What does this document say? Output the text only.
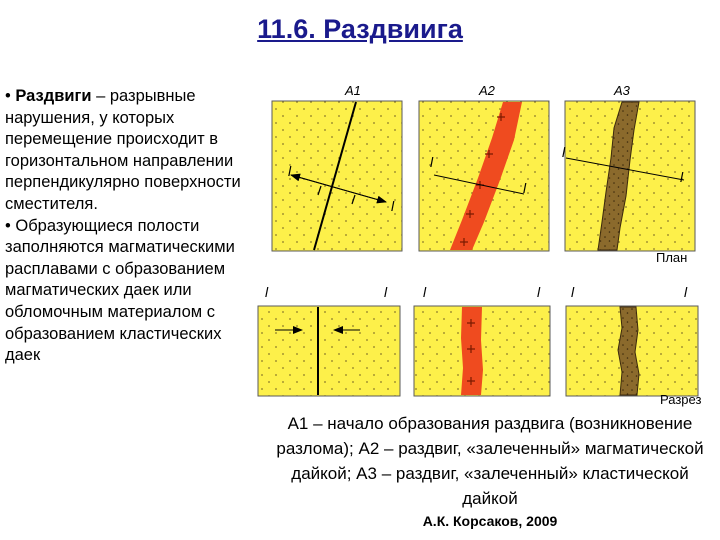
11.6. Раздвиига

• Раздвиги – разрывные нарушения, у которых перемещение происходит в горизонтальном направлении перпендикулярно поверхности сместителя.

• Образующиеся полости заполняются магматическими расплавами с образованием магматических даек или обломочным материалом с образованием кластических даек

A1	A2	A3
l
l
l
l
l
l
План
l	l	l	l l	l
Разрез
A1 – начало образования раздвига (возникновение разлома); A2 – раздвиг, «залеченный» магматической дайкой; A3 – раздвиг, «залеченный» кластической дайкой
А.К. Корсаков, 2009
